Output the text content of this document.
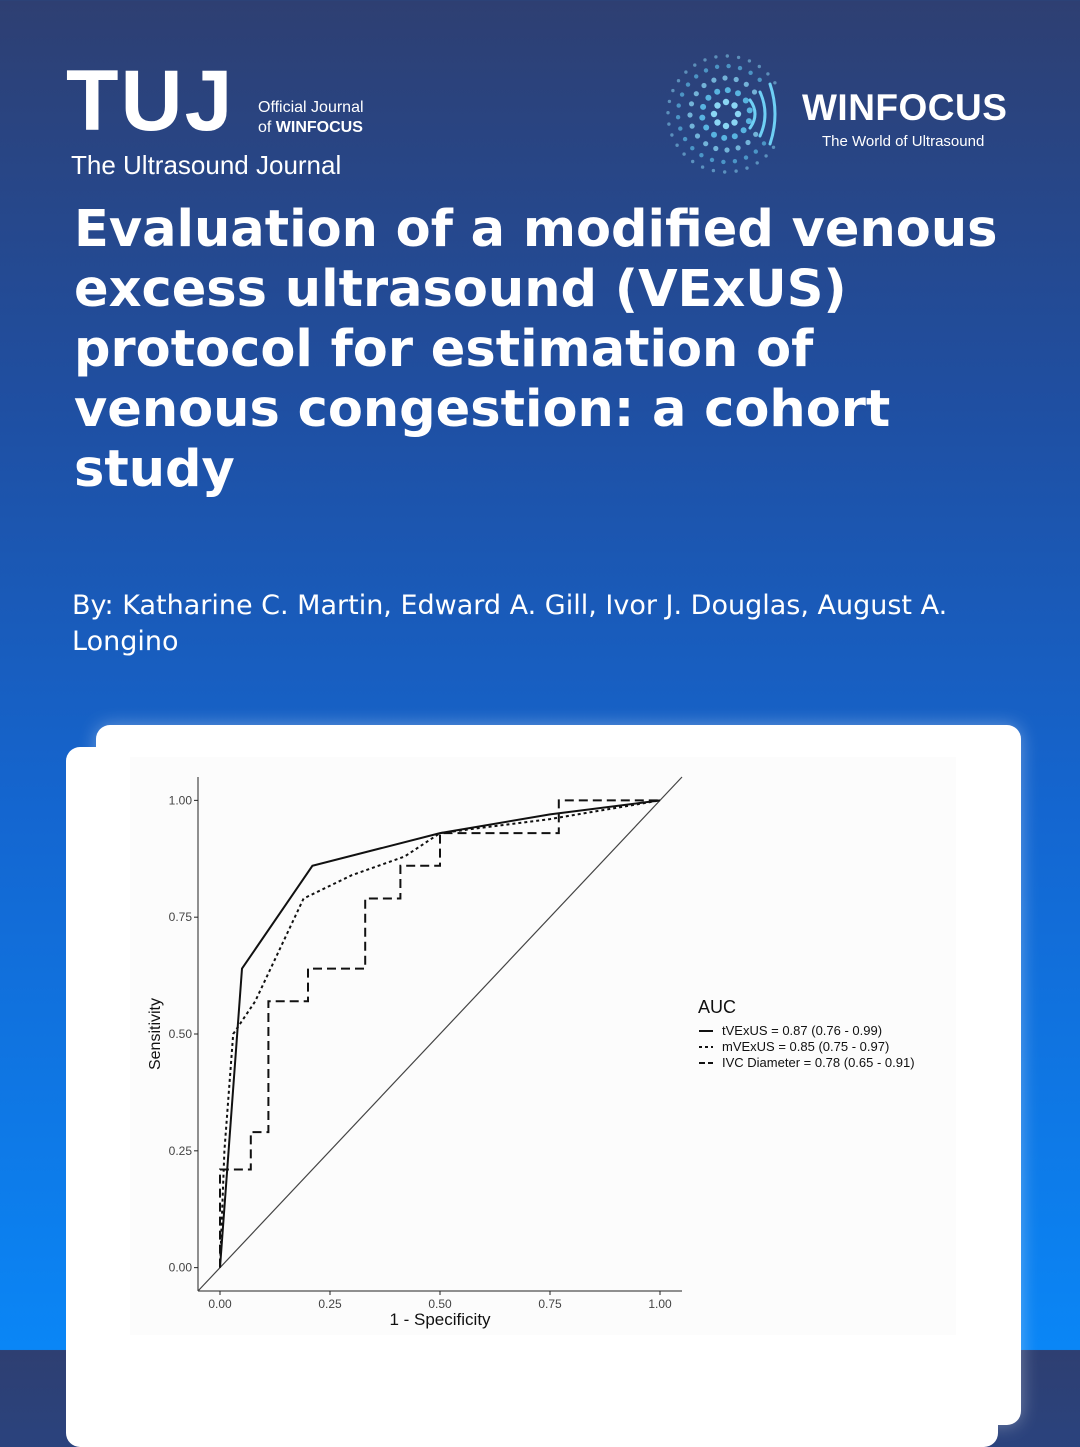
TUJ Official Journal
of WINFOCUS
The Ultrasound Journal
WINFOCUS
The World of Ultrasound
Evaluation of a modified venous excess ultrasound (VExUS) protocol for estimation of venous congestion: a cohort study
By: Katharine C. Martin, Edward A. Gill, Ivor J. Douglas, August A. Longino
0.00	0.25	0.50	0.75	1.00
0.00
0.25
0.50
0.75
1.00
AUC
tVExUS = 0.87 (0.76 - 0.99)
mVExUS = 0.85 (0.75 - 0.97)
IVC Diameter = 0.78 (0.65 - 0.91)
1 - Specificity
Sensitivity
